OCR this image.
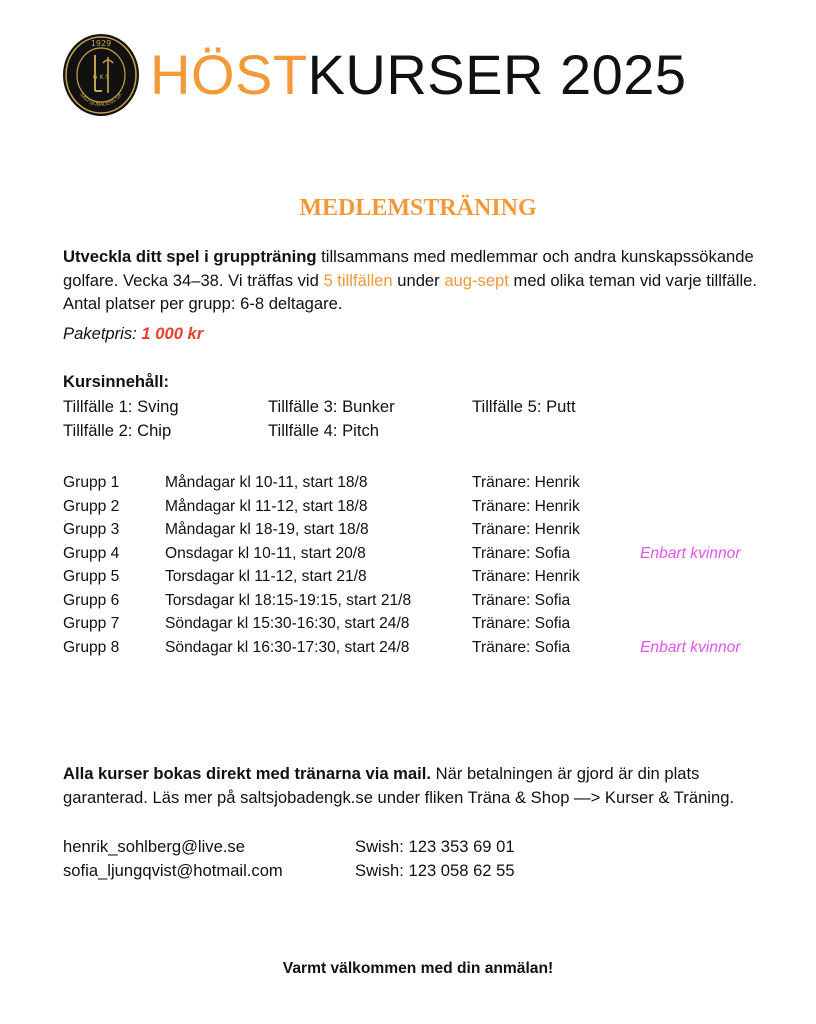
1929
G K S
SALTSJÖBADENS GK HÖSTKURSER 2025
MEDLEMSTRÄNING
Utveckla ditt spel i gruppträning tillsammans med medlemmar och andra kunskapssökande golfare. Vecka 34–38. Vi träffas vid 5 tillfällen under aug-sept med olika teman vid varje tillfälle. Antal platser per grupp: 6-8 deltagare.
Paketpris: 1 000 kr
Kursinnehåll:
Tillfälle 1: Sving
Tillfälle 2: Chip
Tillfälle 3: Bunker
Tillfälle 4: Pitch
Tillfälle 5: Putt
Grupp 1	Måndagar kl 10-11, start 18/8	Tränare: Henrik
Grupp 2	Måndagar kl 11-12, start 18/8	Tränare: Henrik
Grupp 3	Måndagar kl 18-19, start 18/8	Tränare: Henrik
Grupp 4	Onsdagar kl 10-11, start 20/8	Tränare: Sofia	Enbart kvinnor
Grupp 5	Torsdagar kl 11-12, start 21/8	Tränare: Henrik
Grupp 6	Torsdagar kl 18:15-19:15, start 21/8	Tränare: Sofia
Grupp 7	Söndagar kl 15:30-16:30, start 24/8	Tränare: Sofia
Grupp 8	Söndagar kl 16:30-17:30, start 24/8	Tränare: Sofia	Enbart kvinnor
Alla kurser bokas direkt med tränarna via mail. När betalningen är gjord är din plats garanterad. Läs mer på saltsjobadengk.se under fliken Träna & Shop —> Kurser & Träning.
henrik_sohlberg@live.se	Swish: 123 353 69 01
sofia_ljungqvist@hotmail.com	Swish: 123 058 62 55
Varmt välkommen med din anmälan!
